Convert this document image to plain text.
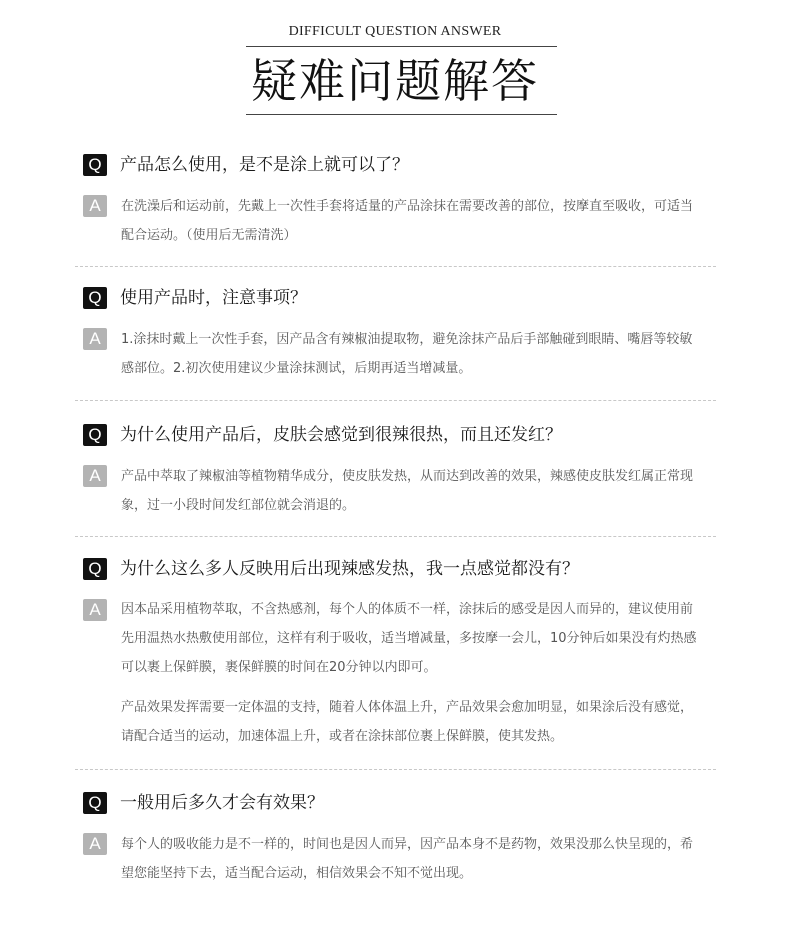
DIFFICULT QUESTION ANSWER
疑难问题解答
Q	产品怎么使用，是不是涂上就可以了？
A	在洗澡后和运动前，先戴上一次性手套将适量的产品涂抹在需要改善的部位，按摩直至吸收，可适当配合运动。（使用后无需清洗）
Q	使用产品时，注意事项？
A	1.涂抹时戴上一次性手套，因产品含有辣椒油提取物，避免涂抹产品后手部触碰到眼睛、嘴唇等较敏感部位。2.初次使用建议少量涂抹测试，后期再适当增减量。
Q	为什么使用产品后，皮肤会感觉到很辣很热，而且还发红？
A	产品中萃取了辣椒油等植物精华成分，使皮肤发热，从而达到改善的效果，辣感使皮肤发红属正常现象，过一小段时间发红部位就会消退的。
Q	为什么这么多人反映用后出现辣感发热，我一点感觉都没有？
A	因本品采用植物萃取，不含热感剂，每个人的体质不一样，涂抹后的感受是因人而异的，建议使用前先用温热水热敷使用部位，这样有利于吸收，适当增减量，多按摩一会儿，10分钟后如果没有灼热感可以裹上保鲜膜，裹保鲜膜的时间在20分钟以内即可。
产品效果发挥需要一定体温的支持，随着人体体温上升，产品效果会愈加明显，如果涂后没有感觉，请配合适当的运动，加速体温上升，或者在涂抹部位裹上保鲜膜，使其发热。
Q	一般用后多久才会有效果？
A	每个人的吸收能力是不一样的，时间也是因人而异，因产品本身不是药物，效果没那么快呈现的，希望您能坚持下去，适当配合运动，相信效果会不知不觉出现。
